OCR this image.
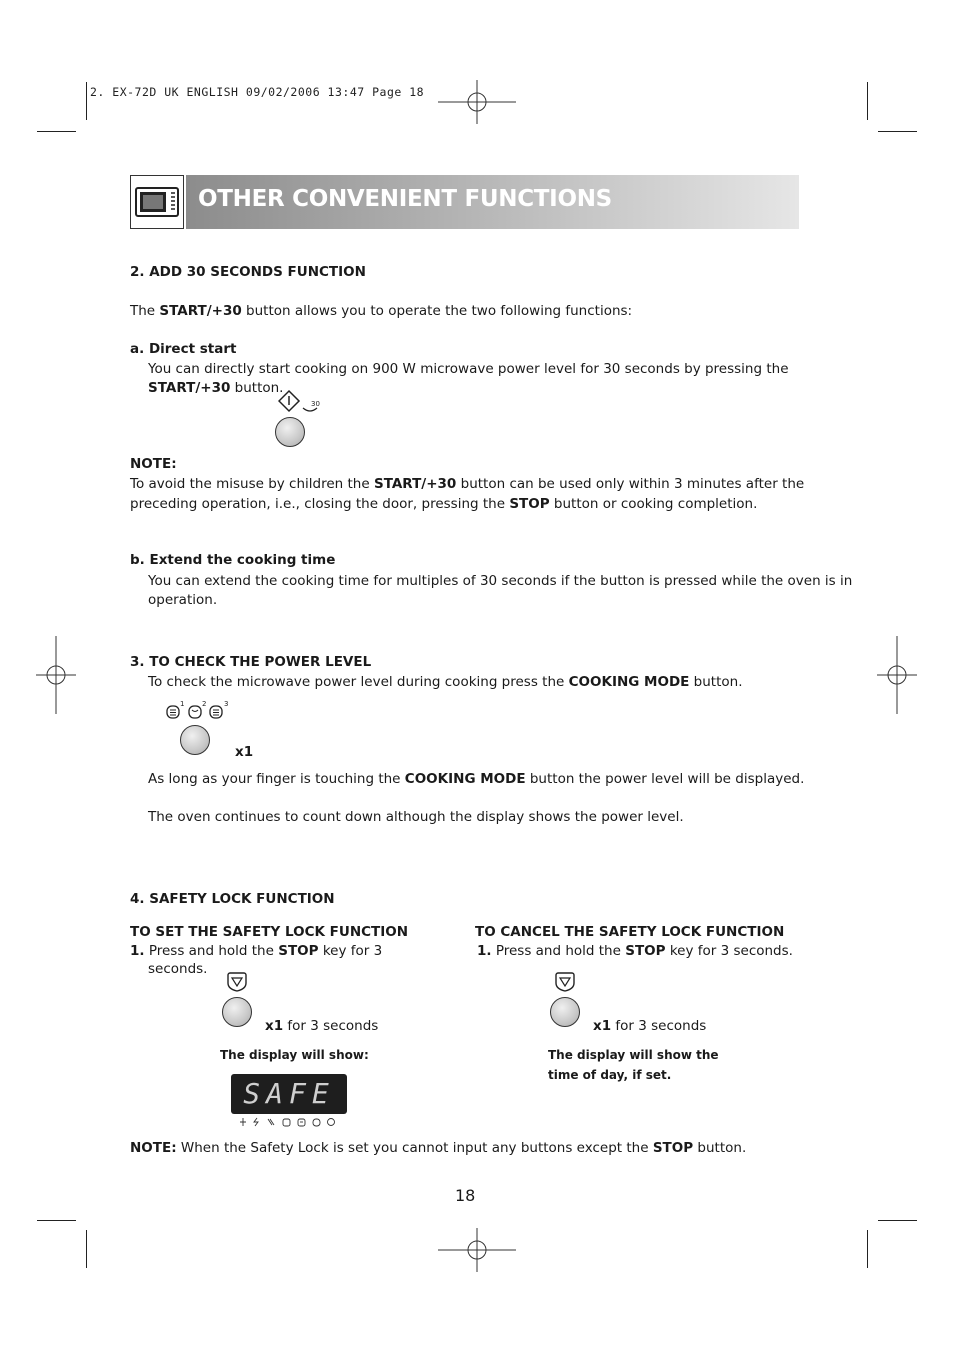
2. EX-72D UK ENGLISH 09/02/2006 13:47 Page 18
OTHER CONVENIENT FUNCTIONS
2. ADD 30 SECONDS FUNCTION
The START/+30 button allows you to operate the two following functions:
a. Direct start
You can directly start cooking on 900 W microwave power level for 30 seconds by pressing the
START/+30 button.
30
NOTE:
To avoid the misuse by children the START/+30 button can be used only within 3 minutes after the
preceding operation, i.e., closing the door, pressing the STOP button or cooking completion.
b. Extend the cooking time
You can extend the cooking time for multiples of 30 seconds if the button is pressed while the oven is in
operation.
3. TO CHECK THE POWER LEVEL
To check the microwave power level during cooking press the COOKING MODE button.
1	2	3
x1
As long as your finger is touching the COOKING MODE button the power level will be displayed.
The oven continues to count down although the display shows the power level.
4. SAFETY LOCK FUNCTION
TO SET THE SAFETY LOCK FUNCTION
1. Press and hold the STOP key for 3
seconds.
x1 for 3 seconds
The display will show:
SAFE
TO CANCEL THE SAFETY LOCK FUNCTION
1. Press and hold the STOP key for 3 seconds.
x1 for 3 seconds
The display will show the
time of day, if set.
NOTE: When the Safety Lock is set you cannot input any buttons except the STOP button.
18
